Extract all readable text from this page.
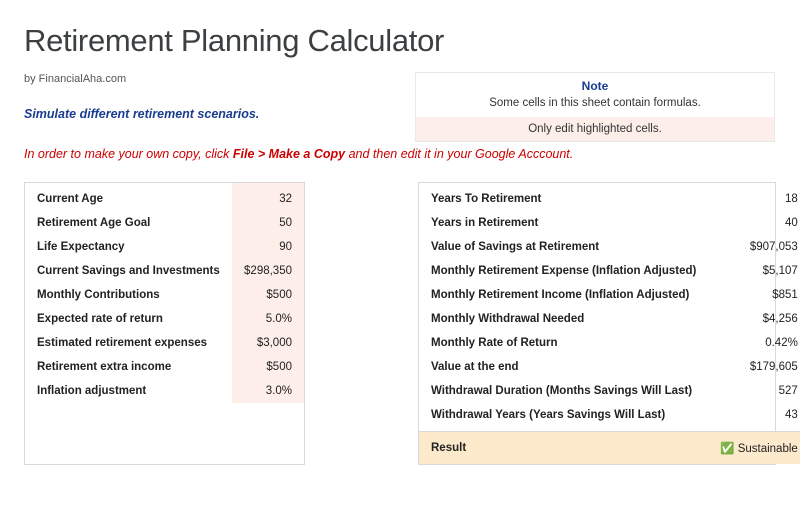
Retirement Planning Calculator
by FinancialAha.com
Simulate different retirement scenarios.
In order to make your own copy, click File > Make a Copy and then edit it in your Google Acccount.
Note
Some cells in this sheet contain formulas.
Only edit highlighted cells.

Current Age	32
Retirement Age Goal	50
Life Expectancy	90
Current Savings and Investments	$298,350
Monthly Contributions	$500
Expected rate of return	5.0%
Estimated retirement expenses	$3,000
Retirement extra income	$500
Inflation adjustment	3.0%

Years To Retirement	18
Years in Retirement	40
Value of Savings at Retirement	$907,053
Monthly Retirement Expense (Inflation Adjusted)	$5,107
Monthly Retirement Income (Inflation Adjusted)	$851
Monthly Withdrawal Needed	$4,256
Monthly Rate of Return	0.42%
Value at the end	$179,605
Withdrawal Duration (Months Savings Will Last)	527
Withdrawal Years (Years Savings Will Last)	43

Result	✅ Sustainable
